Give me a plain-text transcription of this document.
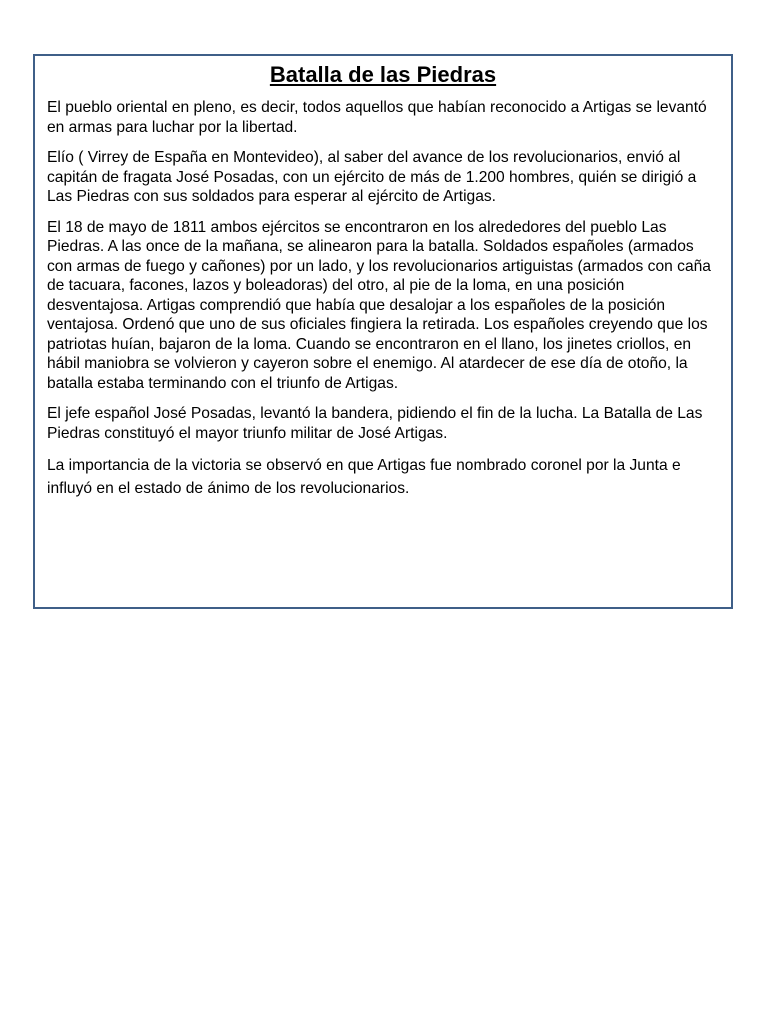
Batalla de las Piedras

El pueblo oriental en pleno, es decir, todos aquellos que habían reconocido a Artigas se levantó en armas para luchar por la libertad.

Elío ( Virrey de España en Montevideo), al saber del avance de los revolucionarios, envió al capitán de fragata José Posadas, con un ejército de más de 1.200 hombres, quién se dirigió a Las Piedras con sus soldados para esperar al ejército de Artigas.

El 18 de mayo de 1811 ambos ejércitos se encontraron en los alrededores del pueblo Las Piedras. A las once de la mañana, se alinearon para la batalla. Soldados españoles (armados con armas de fuego y cañones) por un lado, y los revolucionarios artiguistas (armados con caña de tacuara, facones, lazos y boleadoras) del otro, al pie de la loma, en una posición desventajosa. Artigas comprendió que había que desalojar a los españoles de la posición ventajosa. Ordenó que uno de sus oficiales fingiera la retirada. Los españoles creyendo que los patriotas huían, bajaron de la loma. Cuando se encontraron en el llano, los jinetes criollos, en hábil maniobra se volvieron y cayeron sobre el enemigo. Al atardecer de ese día de otoño, la batalla estaba terminando con el triunfo de Artigas.

El jefe español José Posadas, levantó la bandera, pidiendo el fin de la lucha. La Batalla de Las Piedras constituyó el mayor triunfo militar de José Artigas.

La importancia de la victoria se observó en que Artigas fue nombrado coronel por la Junta e influyó en el estado de ánimo de los revolucionarios.
